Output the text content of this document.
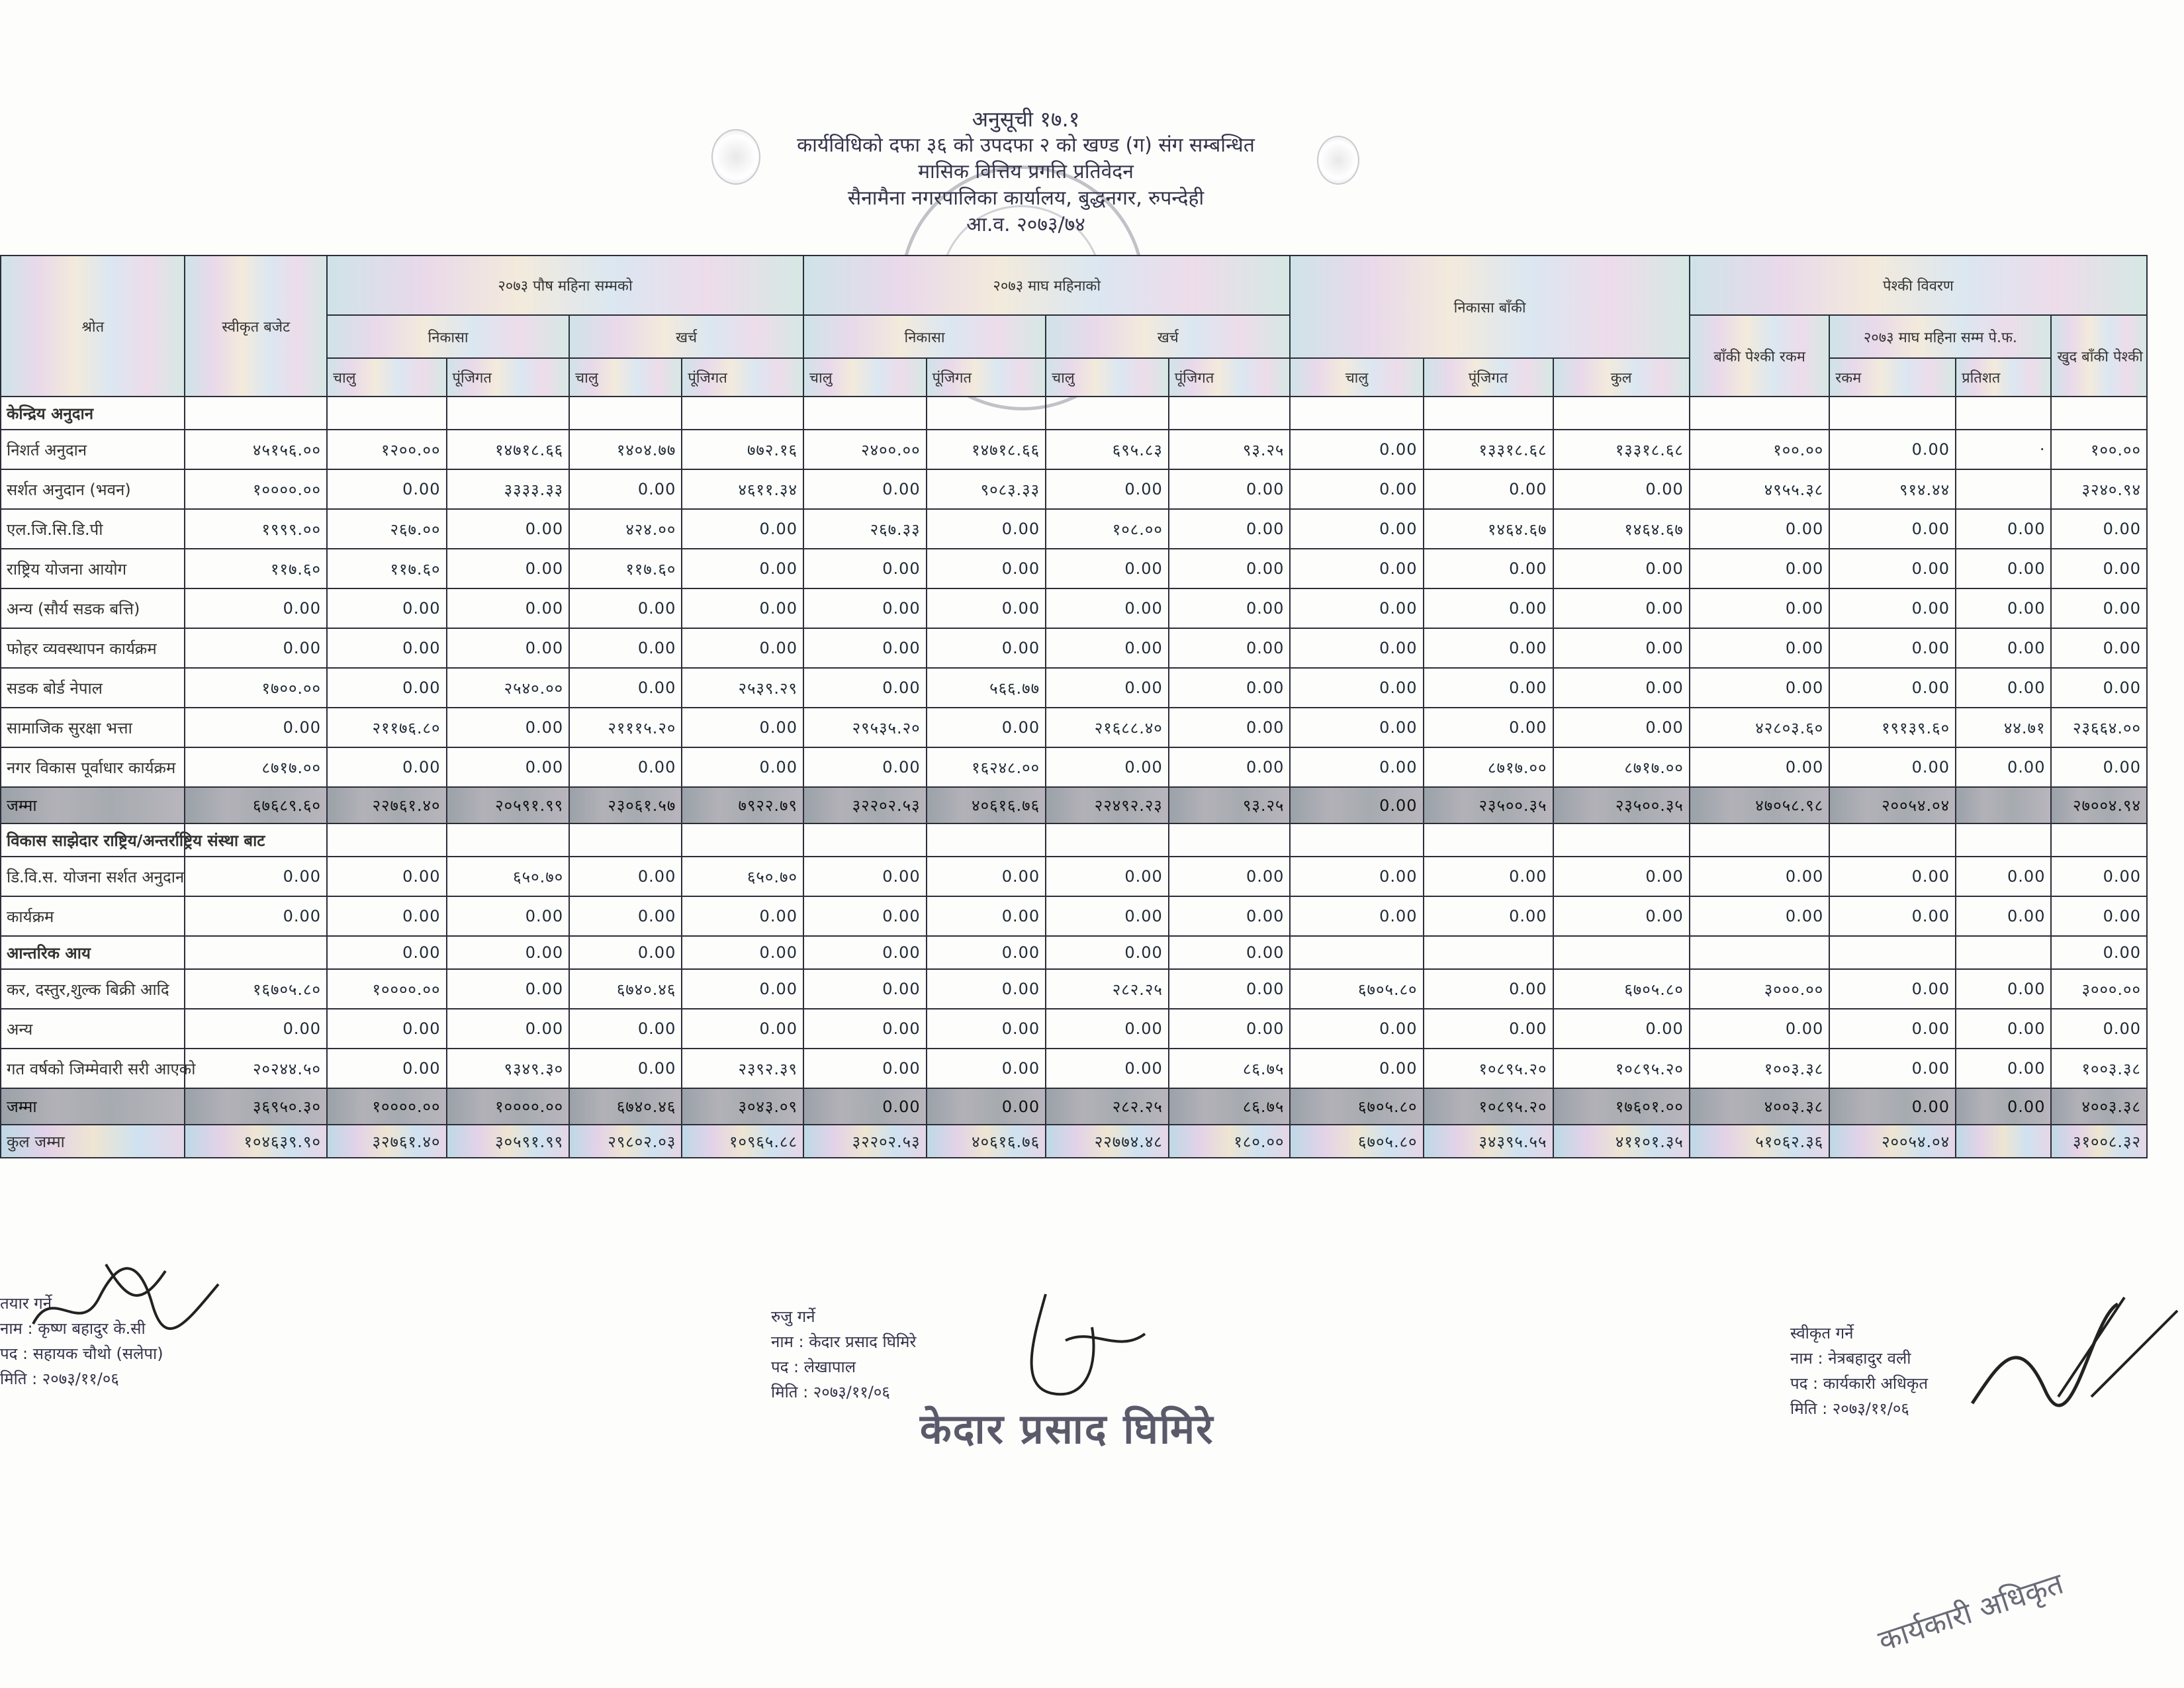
अनुसूची १७.१
कार्यविधिको दफा ३६ को उपदफा २ को खण्ड (ग) संग सम्बन्धित
मासिक वित्तिय प्रगति प्रतिवेदन
सैनामैना नगरपालिका कार्यालय, बुद्धनगर, रुपन्देही
आ.व. २०७३/७४
श्रोत	स्वीकृत बजेट	२०७३ पौष महिना सम्मको				२०७३ माघ महिनाको				निकासा बाँकी			पेश्की विवरण			
		निकासा		खर्च		निकासा		खर्च					बाँकी पेश्की रकम	२०७३ माघ महिना सम्म पे.फ.		खुद बाँकी पेश्की
		चालु	पूंजिगत	चालु	पूंजिगत	चालु	पूंजिगत	चालु	पूंजिगत	चालु	पूंजिगत	कुल		रकम	प्रतिशत	
केन्द्रिय अनुदान																
निशर्त अनुदान	४५१५६.००	१२००.००	१४७१८.६६	१४०४.७७	७७२.१६	२४००.००	१४७१८.६६	६९५.८३	९३.२५	0.00	१३३१८.६८	१३३१८.६८	१००.००	0.00	·	१००.००
सर्शत अनुदान (भवन)	१००००.००	0.00	३३३३.३३	0.00	४६११.३४	0.00	९०८३.३३	0.00	0.00	0.00	0.00	0.00	४९५५.३८	९१४.४४		३२४०.९४
एल.जि.सि.डि.पी	१९९९.००	२६७.००	0.00	४२४.००	0.00	२६७.३३	0.00	१०८.००	0.00	0.00	१४६४.६७	१४६४.६७	0.00	0.00	0.00	0.00
राष्ट्रिय योजना आयोग	११७.६०	११७.६०	0.00	११७.६०	0.00	0.00	0.00	0.00	0.00	0.00	0.00	0.00	0.00	0.00	0.00	0.00
अन्य (सौर्य सडक बत्ति)	0.00	0.00	0.00	0.00	0.00	0.00	0.00	0.00	0.00	0.00	0.00	0.00	0.00	0.00	0.00	0.00
फोहर व्यवस्थापन कार्यक्रम	0.00	0.00	0.00	0.00	0.00	0.00	0.00	0.00	0.00	0.00	0.00	0.00	0.00	0.00	0.00	0.00
सडक बोर्ड नेपाल	१७००.००	0.00	२५४०.००	0.00	२५३९.२९	0.00	५६६.७७	0.00	0.00	0.00	0.00	0.00	0.00	0.00	0.00	0.00
सामाजिक सुरक्षा भत्ता	0.00	२११७६.८०	0.00	२१११५.२०	0.00	२९५३५.२०	0.00	२१६८८.४०	0.00	0.00	0.00	0.00	४२८०३.६०	१९१३९.६०	४४.७१	२३६६४.००
नगर विकास पूर्वाधार कार्यक्रम	८७१७.००	0.00	0.00	0.00	0.00	0.00	१६२४८.००	0.00	0.00	0.00	८७१७.००	८७१७.००	0.00	0.00	0.00	0.00
जम्मा	६७६८९.६०	२२७६१.४०	२०५९१.९९	२३०६१.५७	७९२२.७९	३२२०२.५३	४०६१६.७६	२२४९२.२३	९३.२५	0.00	२३५००.३५	२३५००.३५	४७०५८.९८	२००५४.०४		२७००४.९४
विकास साझेदार राष्ट्रिय/अन्तर्राष्ट्रिय संस्था बाट																
डि.वि.स. योजना सर्शत अनुदान	0.00	0.00	६५०.७०	0.00	६५०.७०	0.00	0.00	0.00	0.00	0.00	0.00	0.00	0.00	0.00	0.00	0.00
कार्यक्रम	0.00	0.00	0.00	0.00	0.00	0.00	0.00	0.00	0.00	0.00	0.00	0.00	0.00	0.00	0.00	0.00
आन्तरिक आय		0.00	0.00	0.00	0.00	0.00	0.00	0.00	0.00							0.00
कर, दस्तुर,शुल्क बिक्री आदि	१६७०५.८०	१००००.००	0.00	६७४०.४६	0.00	0.00	0.00	२८२.२५	0.00	६७०५.८०	0.00	६७०५.८०	३०००.००	0.00	0.00	३०००.००
अन्य	0.00	0.00	0.00	0.00	0.00	0.00	0.00	0.00	0.00	0.00	0.00	0.00	0.00	0.00	0.00	0.00
गत वर्षको जिम्मेवारी सरी आएको	२०२४४.५०	0.00	९३४९.३०	0.00	२३९२.३९	0.00	0.00	0.00	८६.७५	0.00	१०८९५.२०	१०८९५.२०	१००३.३८	0.00	0.00	१००३.३८
जम्मा	३६९५०.३०	१००००.००	१००००.००	६७४०.४६	३०४३.०९	0.00	0.00	२८२.२५	८६.७५	६७०५.८०	१०८९५.२०	१७६०१.००	४००३.३८	0.00	0.00	४००३.३८
कुल जम्मा	१०४६३९.९०	३२७६१.४०	३०५९१.९९	२९८०२.०३	१०९६५.८८	३२२०२.५३	४०६१६.७६	२२७७४.४८	१८०.००	६७०५.८०	३४३९५.५५	४११०१.३५	५१०६२.३६	२००५४.०४		३१००८.३२
तयार गर्ने
नाम : कृष्ण बहादुर के.सी
पद : सहायक चौथो (सलेपा)
मिति : २०७३/११/०६
रुजु गर्ने
नाम : केदार प्रसाद घिमिरे
पद : लेखापाल
मिति : २०७३/११/०६
स्वीकृत गर्ने
नाम : नेत्रबहादुर वली
पद : कार्यकारी अधिकृत
मिति : २०७३/११/०६
केदार प्रसाद घिमिरे
कार्यकारी अधिकृत
